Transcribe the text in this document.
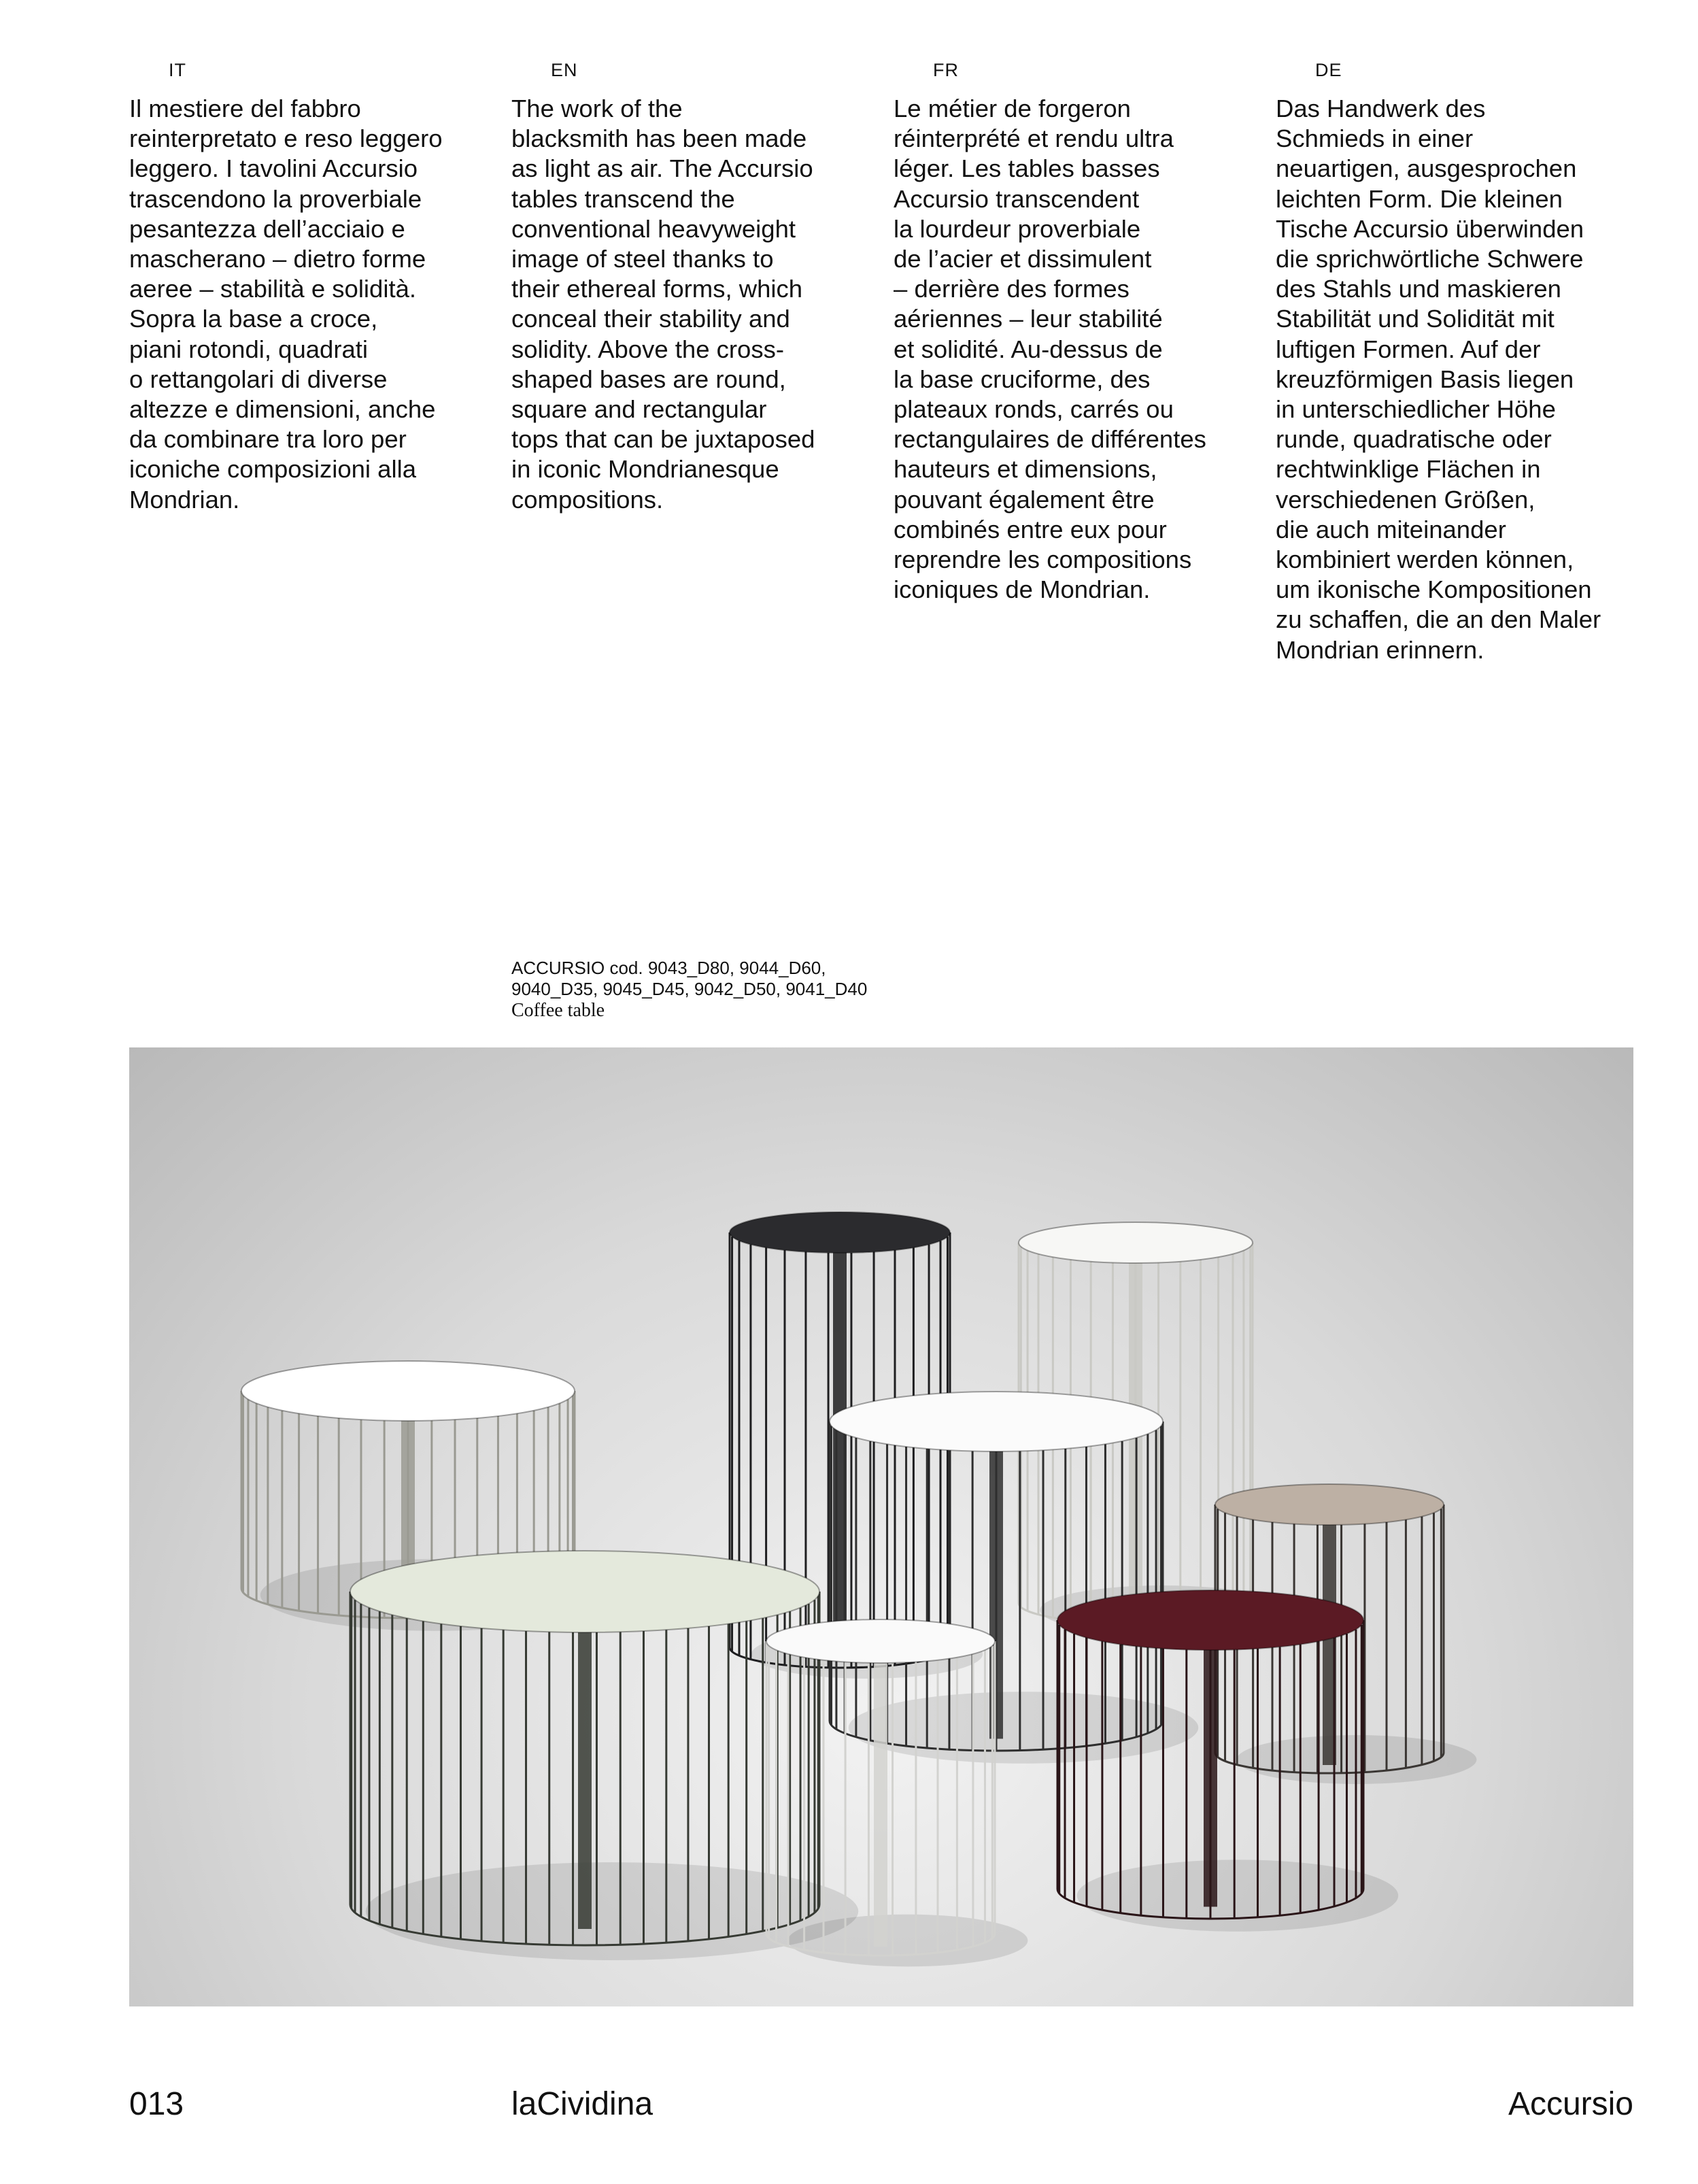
IT

Il mestiere del fabbro
reinterpretato e reso leggero
leggero. I tavolini Accursio
trascendono la proverbiale
pesantezza dell’acciaio e
mascherano – dietro forme
aeree – stabilità e solidità.
Sopra la base a croce,
piani rotondi, quadrati
o rettangolari di diverse
altezze e dimensioni, anche
da combinare tra loro per
iconiche composizioni alla
Mondrian.

EN

The work of the
blacksmith has been made
as light as air. The Accursio
tables transcend the
conventional heavyweight
image of steel thanks to
their ethereal forms, which
conceal their stability and
solidity. Above the cross-
shaped bases are round,
square and rectangular
tops that can be juxtaposed
in iconic Mondrianesque
compositions.

FR

Le métier de forgeron
réinterprété et rendu ultra
léger. Les tables basses
Accursio transcendent
la lourdeur proverbiale
de l’acier et dissimulent
– derrière des formes
aériennes – leur stabilité
et solidité. Au-dessus de
la base cruciforme, des
plateaux ronds, carrés ou
rectangulaires de différentes
hauteurs et dimensions,
pouvant également être
combinés entre eux pour
reprendre les compositions
iconiques de Mondrian.

DE

Das Handwerk des
Schmieds in einer
neuartigen, ausgesprochen
leichten Form. Die kleinen
Tische Accursio überwinden
die sprichwörtliche Schwere
des Stahls und maskieren
Stabilität und Solidität mit
luftigen Formen. Auf der
kreuzförmigen Basis liegen
in unterschiedlicher Höhe
runde, quadratische oder
rechtwinklige Flächen in
verschiedenen Größen,
die auch miteinander
kombiniert werden können,
um ikonische Kompositionen
zu schaffen, die an den Maler
Mondrian erinnern.

ACCURSIO cod. 9043_D80, 9044_D60,
9040_D35, 9045_D45, 9042_D50, 9041_D40

Coffee table

013	laCividina	Accursio
